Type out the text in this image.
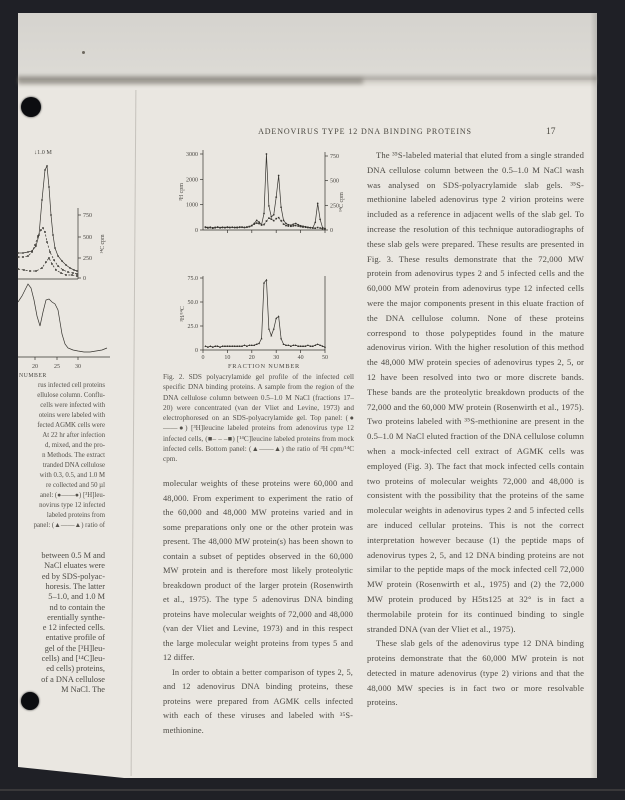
ADENOVIRUS TYPE 12 DNA BINDING PROTEINS	17
750
500
250
0
¹⁴C cpm
↓1.0 M
20	25	30
NUMBER
rus infected cell proteins
ellulose column. Conflu-
cells were infected with
oteins were labeled with
fected AGMK cells were
At 22 hr after infection
d, mixed, and the pro-
n Methods. The extract
tranded DNA cellulose
with 0.3, 0.5, and 1.0 M
re collected and 50 µl
anel: (●——●) [³H]leu-
novirus type 12 infected
labeled proteins from
panel: (▲——▲) ratio of
between 0.5 M and
NaCl eluates were
ed by SDS-polyac-
horesis. The latter
5–1.0, and 1.0 M
nd to contain the
erentially synthe-
e 12 infected cells.
entative profile of
gel of the [³H]leu-
cells) and [¹⁴C]leu-
ed cells) proteins,
of a DNA cellulose
M NaCl. The
0
1000
2000
3000
0
250
500
750
³H cpm
¹⁴C cpm
0
25.0
50.0
75.0
³H/¹⁴C
0	10	20	30	40	50
FRACTION NUMBER
Fig. 2. SDS polyacrylamide gel profile of the infected cell specific DNA binding proteins. A sample from the region of the DNA cellulose column between 0.5–1.0 M NaCl (fractions 17–20) were concentrated (van der Vliet and Levine, 1973) and electrophoresed on an SDS-polyacrylamide gel. Top panel: (●——●) [³H]leucine labeled proteins from adenovirus type 12 infected cells, (■– – –■) [¹⁴C]leucine labeled proteins from mock infected cells. Bottom panel: (▲——▲) the ratio of ³H cpm/¹⁴C cpm.

molecular weights of these proteins were 60,000 and 48,000. From experiment to experiment the ratio of the 60,000 and 48,000 MW proteins varied and in some preparations only one or the other protein was present. The 48,000 MW protein(s) has been shown to contain a subset of peptides observed in the 60,000 MW protein and is therefore most likely proteolytic breakdown product of the larger protein (Rosenwirth et al., 1975). The type 5 adenovirus DNA binding proteins have molecular weights of 72,000 and 48,000 (van der Vliet and Levine, 1973) and in this respect the large molecular weight proteins from types 5 and 12 differ.

In order to obtain a better comparison of types 2, 5, and 12 adenovirus DNA binding proteins, these proteins were prepared from AGMK cells infected with each of these viruses and labeled with ³⁵S-methionine.

The ³⁵S-labeled material that eluted from a single stranded DNA cellulose column between the 0.5–1.0 M NaCl wash was analysed on SDS-polyacrylamide slab gels. ³⁵S-methionine labeled adenovirus type 2 virion proteins were included as a reference in adjacent wells of the slab gel. To increase the resolution of this technique autoradiographs of these slab gels were prepared. These results are presented in Fig. 3. These results demonstrate that the 72,000 MW protein from adenovirus types 2 and 5 infected cells and the 60,000 MW protein from adenovirus type 12 infected cells were the major components present in this eluate fraction of the DNA cellulose column. None of these proteins correspond to those polypeptides found in the mature adenovirus virion. With the higher resolution of this method the 48,000 MW protein species of adenovirus types 2, 5, or 12 have been resolved into two or more discrete bands. These bands are the proteolytic breakdown products of the 72,000 and the 60,000 MW protein (Rosenwirth et al., 1975). Two proteins labeled with ³⁵S-methionine are present in the 0.5–1.0 M NaCl eluted fraction of the DNA cellulose column when a mock-infected cell extract of AGMK cells was employed (Fig. 3). The fact that mock infected cells contain two proteins of molecular weights 72,000 and 48,000 is consistent with the possibility that the proteins of the same molecular weights in adenovirus types 2 and 5 infected cells are induced cellular proteins. This is not the correct interpretation however because (1) the peptide maps of adenovirus types 2, 5, and 12 DNA binding proteins are not similar to the peptide maps of the mock infected cell 72,000 MW protein (Rosenwirth et al., 1975) and (2) the 72,000 MW protein produced by H5ts125 at 32° is in fact a thermolabile protein for its continued binding to single stranded DNA (van der Vliet et al., 1975).

These slab gels of the adenovirus type 12 DNA binding proteins demonstrate that the 60,000 MW protein is not detected in mature adenovirus (type 2) virions and that the 48,000 MW species is in fact two or more resolvable proteins.
